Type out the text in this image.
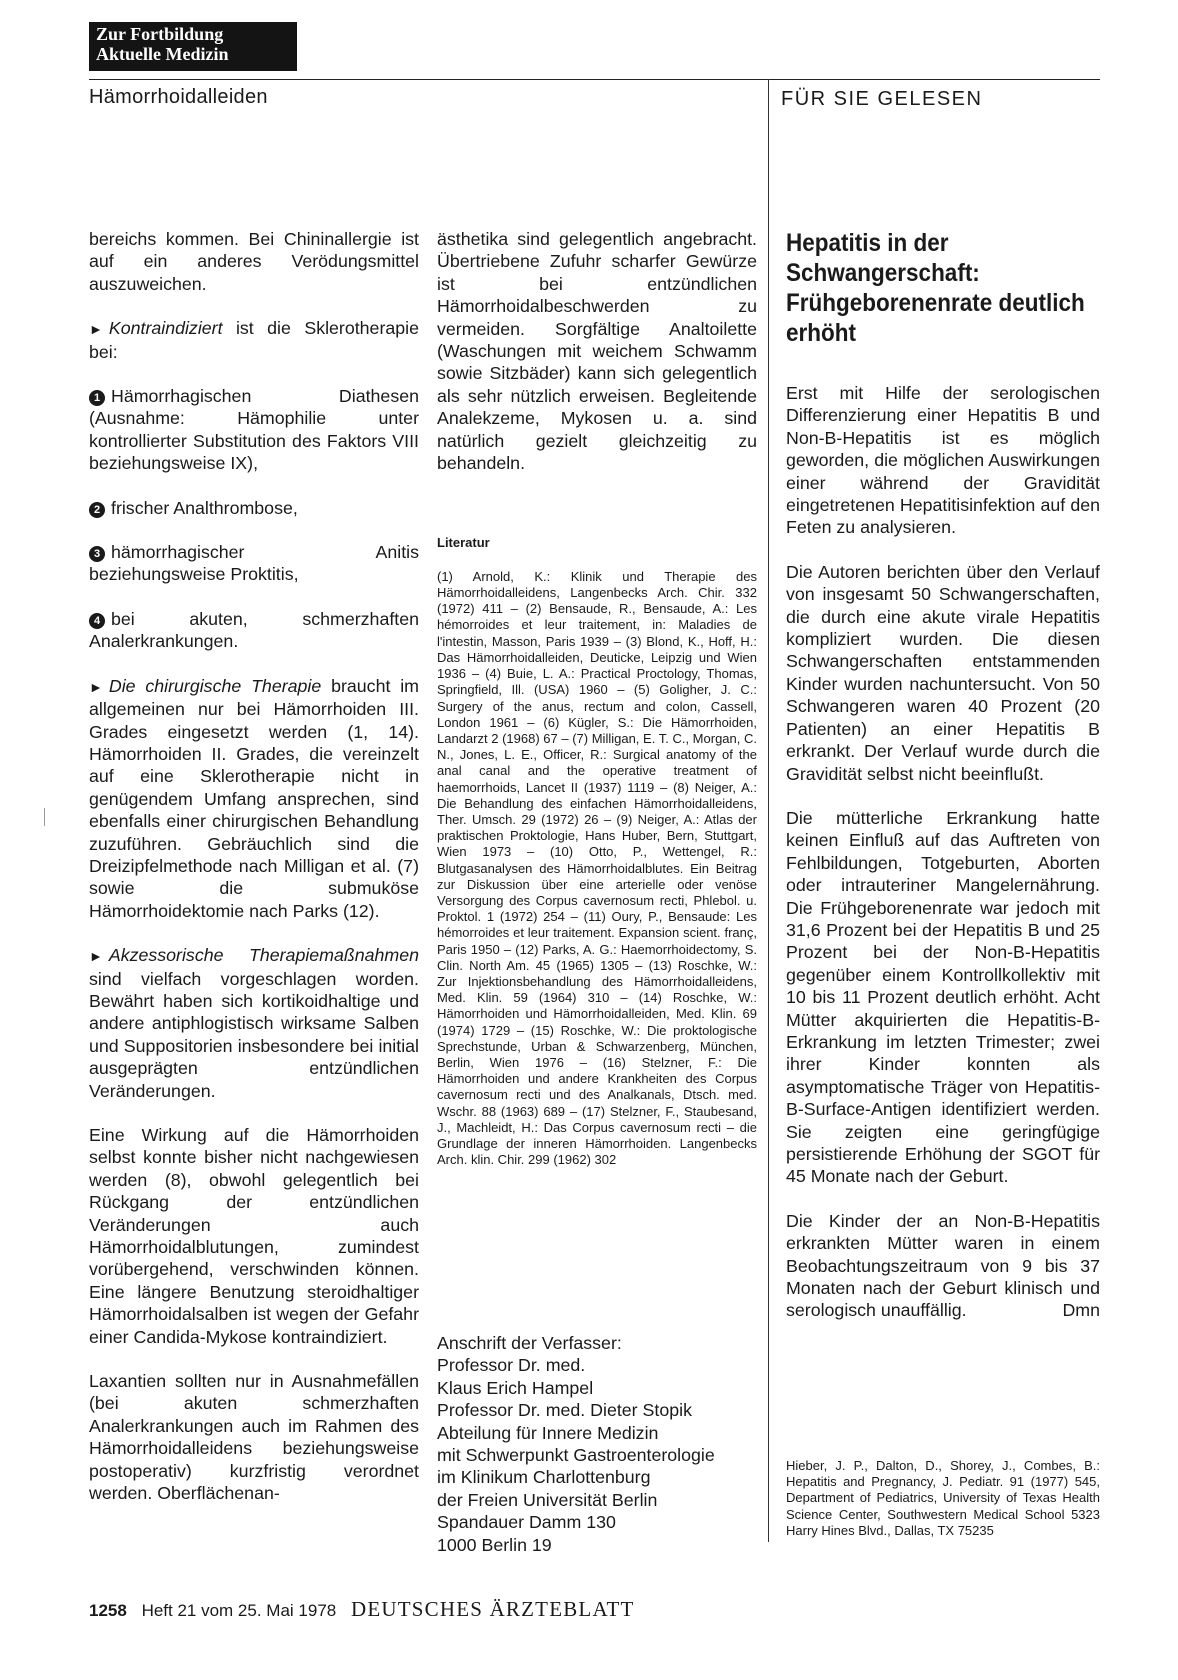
Zur Fortbildung
Aktuelle Medizin
Hämorrhoidalleiden	FÜR SIE GELESEN

bereichs kommen. Bei Chininallergie ist auf ein anderes Verödungsmittel auszuweichen.

► Kontraindiziert ist die Sklerotherapie bei:

1 Hämorrhagischen Diathesen (Ausnahme: Hämophilie unter kontrollierter Substitution des Faktors VIII beziehungsweise IX),

2 frischer Analthrombose,

3 hämorrhagischer Anitis beziehungsweise Proktitis,

4 bei akuten, schmerzhaften Analerkrankungen.

► Die chirurgische Therapie braucht im allgemeinen nur bei Hämorrhoiden III. Grades eingesetzt werden (1, 14). Hämorrhoiden II. Grades, die vereinzelt auf eine Sklerotherapie nicht in genügendem Umfang ansprechen, sind ebenfalls einer chirurgischen Behandlung zuzuführen. Gebräuchlich sind die Dreizipfelmethode nach Milligan et al. (7) sowie die submuköse Hämorrhoidektomie nach Parks (12).

► Akzessorische Therapiemaßnahmen sind vielfach vorgeschlagen worden. Bewährt haben sich kortikoidhaltige und andere antiphlogistisch wirksame Salben und Suppositorien insbesondere bei initial ausgeprägten entzündlichen Veränderungen.

Eine Wirkung auf die Hämorrhoiden selbst konnte bisher nicht nachgewiesen werden (8), obwohl gelegentlich bei Rückgang der entzündlichen Veränderungen auch Hämorrhoidalblutungen, zumindest vorübergehend, verschwinden können. Eine längere Benutzung steroidhaltiger Hämorrhoidalsalben ist wegen der Gefahr einer Candida-Mykose kontraindiziert.

Laxantien sollten nur in Ausnahmefällen (bei akuten schmerzhaften Analerkrankungen auch im Rahmen des Hämorrhoidalleidens beziehungsweise postoperativ) kurzfristig verordnet werden. Oberflächenan-

ästhetika sind gelegentlich angebracht. Übertriebene Zufuhr scharfer Gewürze ist bei entzündlichen Hämorrhoidalbeschwerden zu vermeiden. Sorgfältige Analtoilette (Waschungen mit weichem Schwamm sowie Sitzbäder) kann sich gelegentlich als sehr nützlich erweisen. Begleitende Analekzeme, Mykosen u. a. sind natürlich gezielt gleichzeitig zu behandeln.

Literatur
(1) Arnold, K.: Klinik und Therapie des Hämorrhoidalleidens, Langenbecks Arch. Chir. 332 (1972) 411 – (2) Bensaude, R., Bensaude, A.: Les hémorroides et leur traitement, in: Maladies de l'intestin, Masson, Paris 1939 – (3) Blond, K., Hoff, H.: Das Hämorrhoidalleiden, Deuticke, Leipzig und Wien 1936 – (4) Buie, L. A.: Practical Proctology, Thomas, Springfield, Ill. (USA) 1960 – (5) Goligher, J. C.: Surgery of the anus, rectum and colon, Cassell, London 1961 – (6) Kügler, S.: Die Hämorrhoiden, Landarzt 2 (1968) 67 – (7) Milligan, E. T. C., Morgan, C. N., Jones, L. E., Officer, R.: Surgical anatomy of the anal canal and the operative treatment of haemorrhoids, Lancet II (1937) 1119 – (8) Neiger, A.: Die Behandlung des einfachen Hämorrhoidalleidens, Ther. Umsch. 29 (1972) 26 – (9) Neiger, A.: Atlas der praktischen Proktologie, Hans Huber, Bern, Stuttgart, Wien 1973 – (10) Otto, P., Wettengel, R.: Blutgasanalysen des Hämorrhoidalblutes. Ein Beitrag zur Diskussion über eine arterielle oder venöse Versorgung des Corpus cavernosum recti, Phlebol. u. Proktol. 1 (1972) 254 – (11) Oury, P., Bensaude: Les hémorroides et leur traitement. Expansion scient. franç, Paris 1950 – (12) Parks, A. G.: Haemorrhoidectomy, S. Clin. North Am. 45 (1965) 1305 – (13) Roschke, W.: Zur Injektionsbehandlung des Hämorrhoidalleidens, Med. Klin. 59 (1964) 310 – (14) Roschke, W.: Hämorrhoiden und Hämorrhoidalleiden, Med. Klin. 69 (1974) 1729 – (15) Roschke, W.: Die proktologische Sprechstunde, Urban & Schwarzenberg, München, Berlin, Wien 1976 – (16) Stelzner, F.: Die Hämorrhoiden und andere Krankheiten des Corpus cavernosum recti und des Analkanals, Dtsch. med. Wschr. 88 (1963) 689 – (17) Stelzner, F., Staubesand, J., Machleidt, H.: Das Corpus cavernosum recti – die Grundlage der inneren Hämorrhoiden. Langenbecks Arch. klin. Chir. 299 (1962) 302
Anschrift der Verfasser:
Professor Dr. med.
Klaus Erich Hampel
Professor Dr. med. Dieter Stopik
Abteilung für Innere Medizin
mit Schwerpunkt Gastroenterologie
im Klinikum Charlottenburg
der Freien Universität Berlin
Spandauer Damm 130
1000 Berlin 19
Hepatitis in der Schwangerschaft: Frühgeborenenrate deutlich erhöht

Erst mit Hilfe der serologischen Differenzierung einer Hepatitis B und Non-B-Hepatitis ist es möglich geworden, die möglichen Auswirkungen einer während der Gravidität eingetretenen Hepatitisinfektion auf den Feten zu analysieren.

Die Autoren berichten über den Verlauf von insgesamt 50 Schwangerschaften, die durch eine akute virale Hepatitis kompliziert wurden. Die diesen Schwangerschaften entstammenden Kinder wurden nachuntersucht. Von 50 Schwangeren waren 40 Prozent (20 Patienten) an einer Hepatitis B erkrankt. Der Verlauf wurde durch die Gravidität selbst nicht beeinflußt.

Die mütterliche Erkrankung hatte keinen Einfluß auf das Auftreten von Fehlbildungen, Totgeburten, Aborten oder intrauteriner Mangelernährung. Die Frühgeborenenrate war jedoch mit 31,6 Prozent bei der Hepatitis B und 25 Prozent bei der Non-B-Hepatitis gegenüber einem Kontrollkollektiv mit 10 bis 11 Prozent deutlich erhöht. Acht Mütter akquirierten die Hepatitis-B-Erkrankung im letzten Trimester; zwei ihrer Kinder konnten als asymptomatische Träger von Hepatitis-B-Surface-Antigen identifiziert werden. Sie zeigten eine geringfügige persistierende Erhöhung der SGOT für 45 Monate nach der Geburt.

Die Kinder der an Non-B-Hepatitis erkrankten Mütter waren in einem Beobachtungszeitraum von 9 bis 37 Monaten nach der Geburt klinisch und serologisch unauffällig.	Dmn

Hieber, J. P., Dalton, D., Shorey, J., Combes, B.: Hepatitis and Pregnancy, J. Pediatr. 91 (1977) 545, Department of Pediatrics, University of Texas Health Science Center, Southwestern Medical School 5323 Harry Hines Blvd., Dallas, TX 75235
1258 Heft 21 vom 25. Mai 1978 DEUTSCHES ÄRZTEBLATT
